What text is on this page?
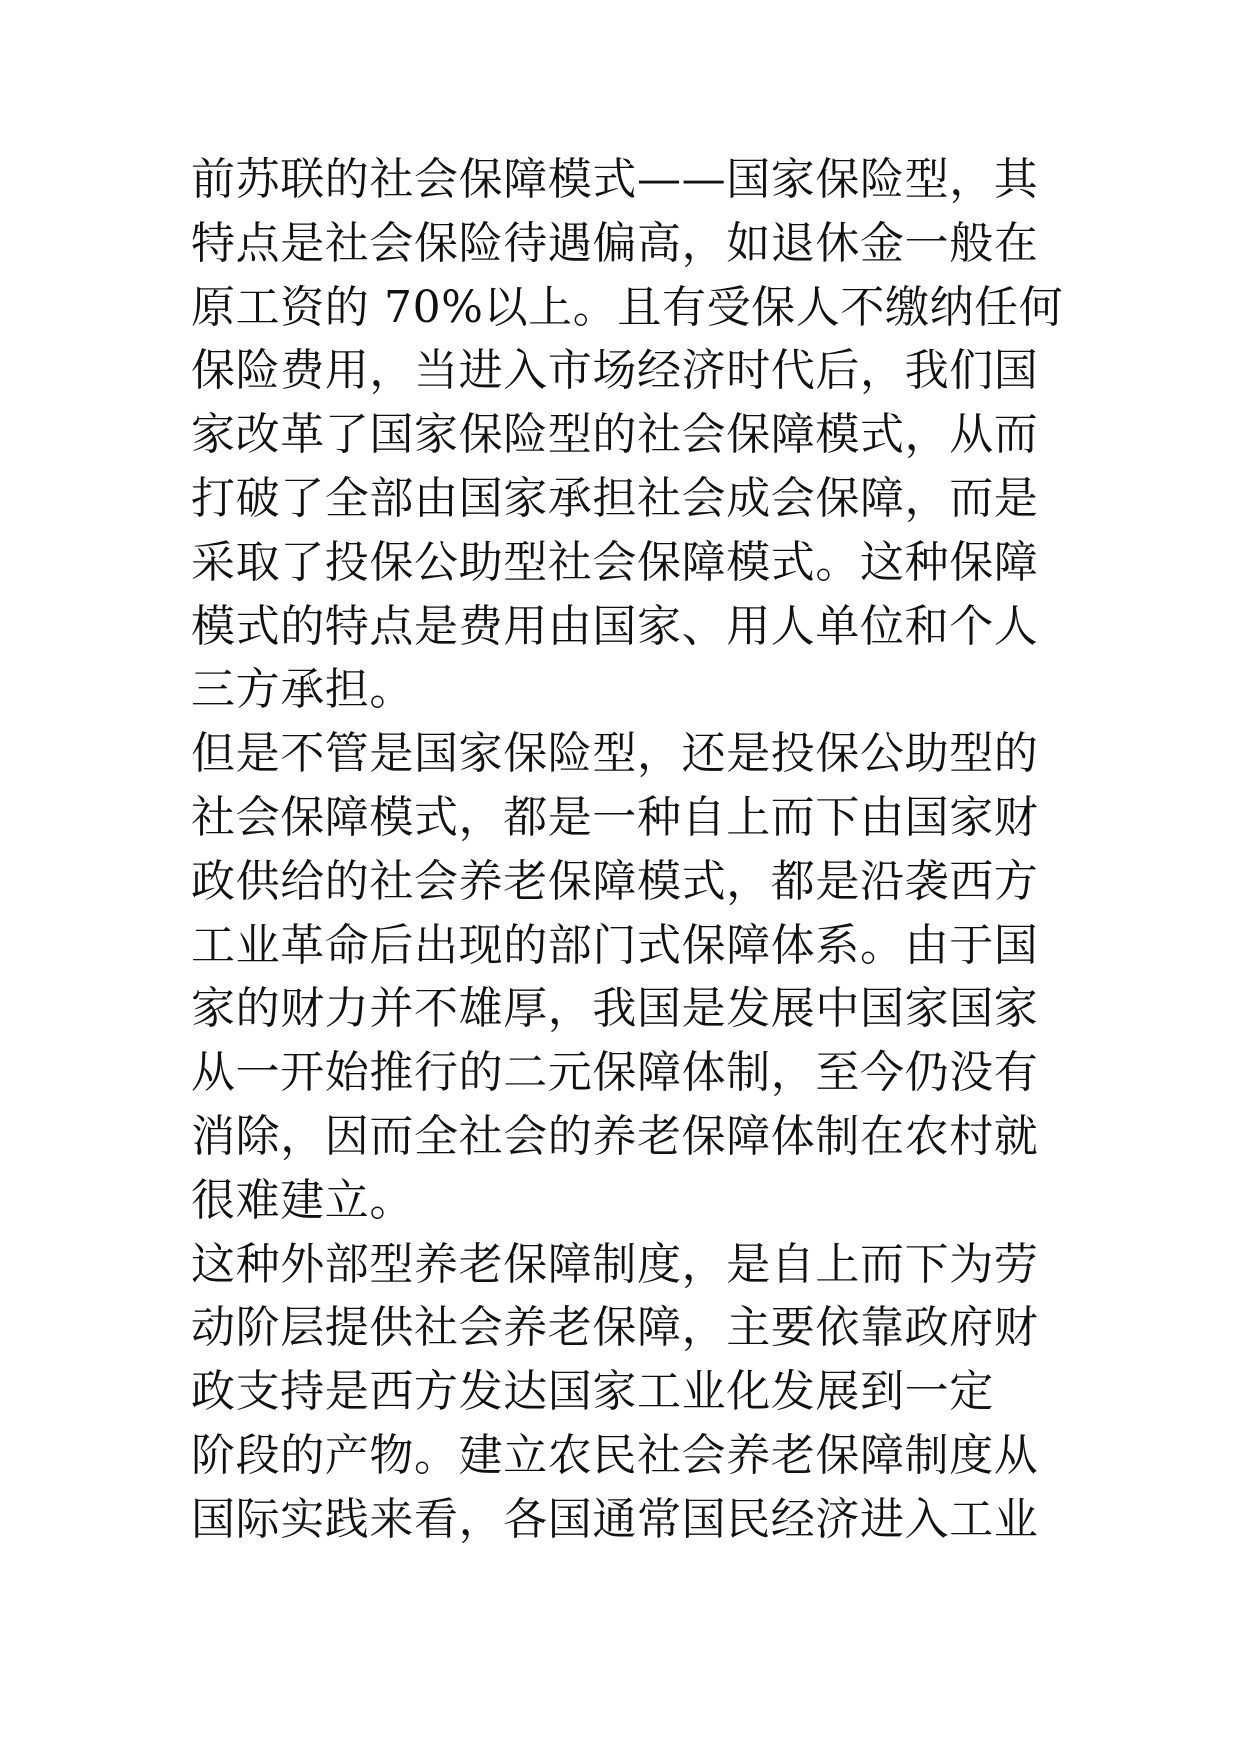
前苏联的社会保障模式——国家保险型，其
特点是社会保险待遇偏高，如退休金一般在
原工资的 70%以上。且有受保人不缴纳任何
保险费用，当进入市场经济时代后，我们国
家改革了国家保险型的社会保障模式，从而
打破了全部由国家承担社会成会保障，而是
采取了投保公助型社会保障模式。这种保障
模式的特点是费用由国家、用人单位和个人
三方承担。
但是不管是国家保险型，还是投保公助型的
社会保障模式，都是一种自上而下由国家财
政供给的社会养老保障模式，都是沿袭西方
工业革命后出现的部门式保障体系。由于国
家的财力并不雄厚，我国是发展中国家国家
从一开始推行的二元保障体制，至今仍没有
消除，因而全社会的养老保障体制在农村就
很难建立。
这种外部型养老保障制度，是自上而下为劳
动阶层提供社会养老保障，主要依靠政府财
政支持是西方发达国家工业化发展到一定
阶段的产物。建立农民社会养老保障制度从
国际实践来看，各国通常国民经济进入工业
